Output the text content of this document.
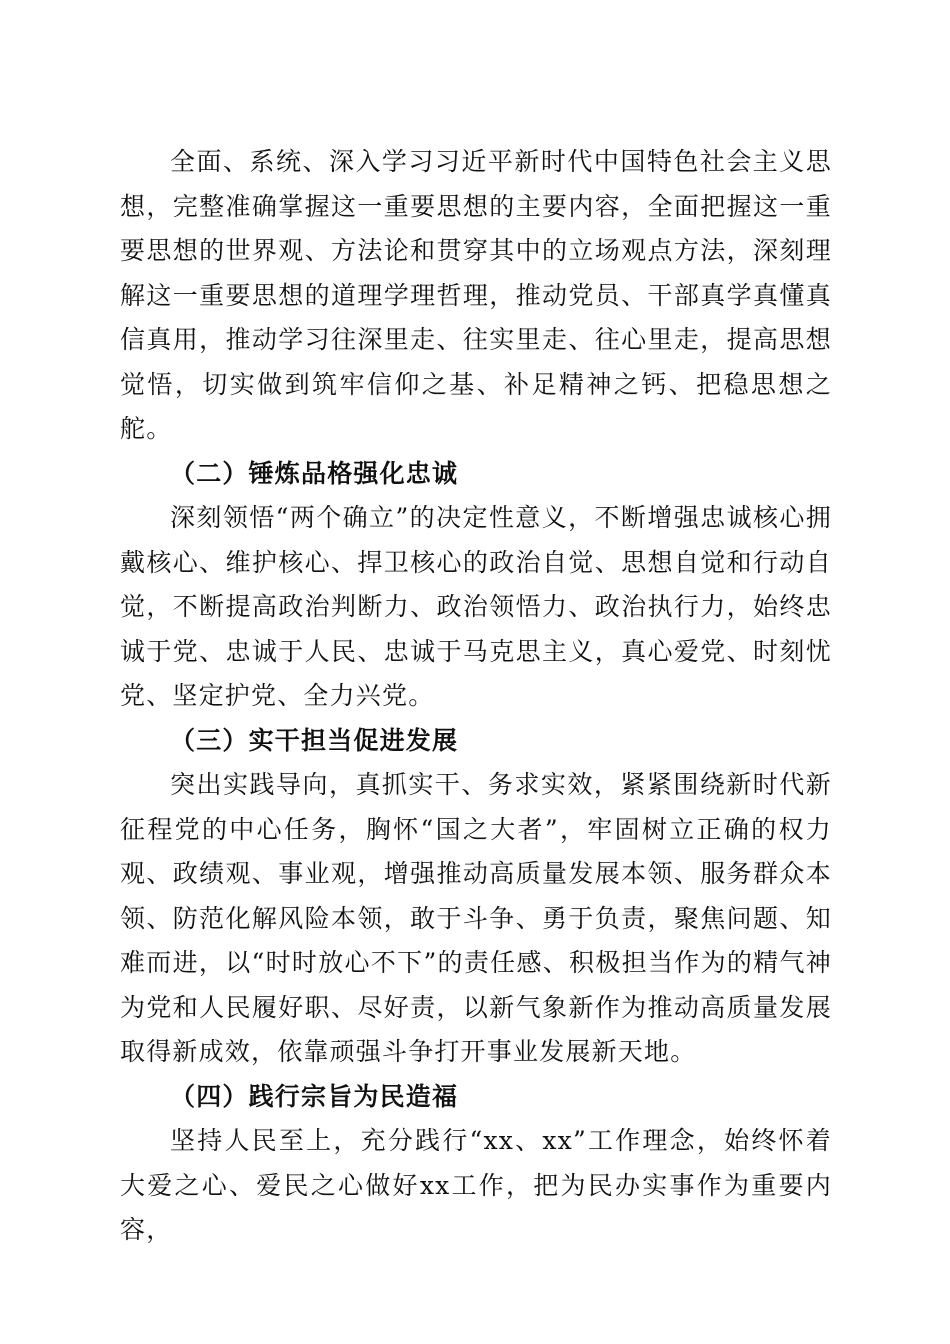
全面、系统、深入学习习近平新时代中国特色社会主义思想，完整准确掌握这一重要思想的主要内容，全面把握这一重要思想的世界观、方法论和贯穿其中的立场观点方法，深刻理解这一重要思想的道理学理哲理，推动党员、干部真学真懂真信真用，推动学习往深里走、往实里走、往心里走，提高思想觉悟，切实做到筑牢信仰之基、补足精神之钙、把稳思想之舵。

（二）锤炼品格强化忠诚

深刻领悟“两个确立”的决定性意义，不断增强忠诚核心拥戴核心、维护核心、捍卫核心的政治自觉、思想自觉和行动自觉，不断提高政治判断力、政治领悟力、政治执行力，始终忠诚于党、忠诚于人民、忠诚于马克思主义，真心爱党、时刻忧党、坚定护党、全力兴党。

（三）实干担当促进发展

突出实践导向，真抓实干、务求实效，紧紧围绕新时代新征程党的中心任务，胸怀“国之大者”，牢固树立正确的权力观、政绩观、事业观，增强推动高质量发展本领、服务群众本领、防范化解风险本领，敢于斗争、勇于负责，聚焦问题、知难而进，以“时时放心不下”的责任感、积极担当作为的精气神为党和人民履好职、尽好责，以新气象新作为推动高质量发展取得新成效，依靠顽强斗争打开事业发展新天地。

（四）践行宗旨为民造福

坚持人民至上，充分践行“xx、xx”工作理念，始终怀着大爱之心、爱民之心做好xx工作，把为民办实事作为重要内容，
